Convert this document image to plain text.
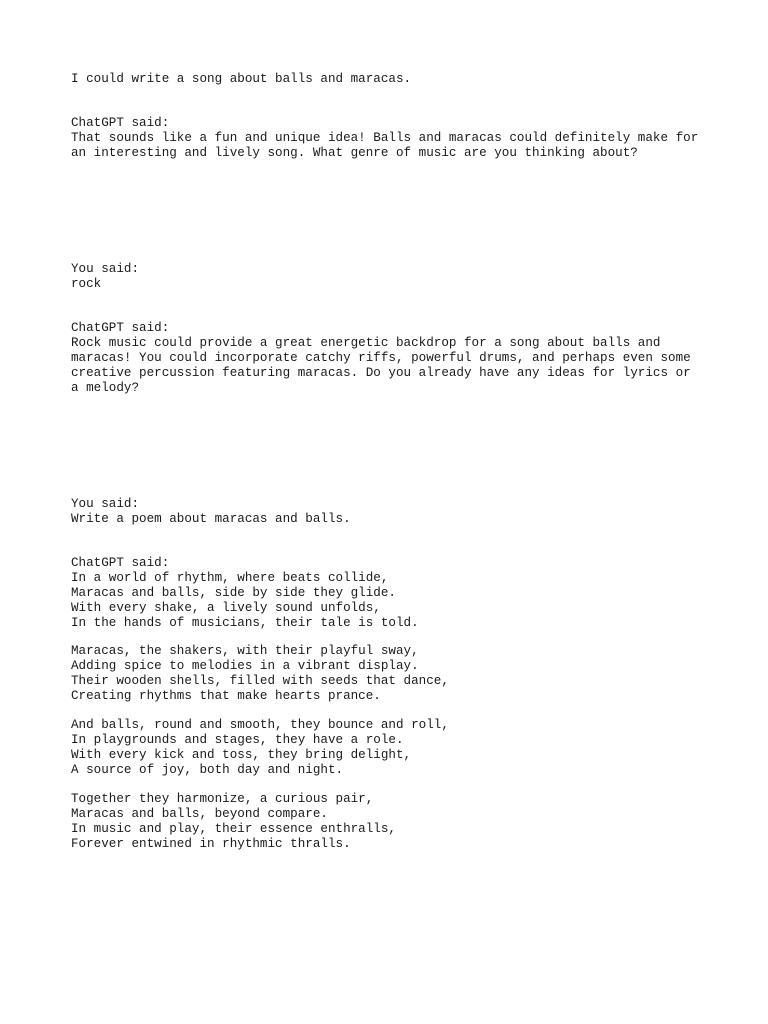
I could write a song about balls and maracas.

ChatGPT said:

That sounds like a fun and unique idea! Balls and maracas could definitely make for

an interesting and lively song. What genre of music are you thinking about?

You said:

rock

ChatGPT said:

Rock music could provide a great energetic backdrop for a song about balls and

maracas! You could incorporate catchy riffs, powerful drums, and perhaps even some

creative percussion featuring maracas. Do you already have any ideas for lyrics or

a melody?

You said:

Write a poem about maracas and balls.

ChatGPT said:

In a world of rhythm, where beats collide,

Maracas and balls, side by side they glide.

With every shake, a lively sound unfolds,

In the hands of musicians, their tale is told.

Maracas, the shakers, with their playful sway,

Adding spice to melodies in a vibrant display.

Their wooden shells, filled with seeds that dance,

Creating rhythms that make hearts prance.

And balls, round and smooth, they bounce and roll,

In playgrounds and stages, they have a role.

With every kick and toss, they bring delight,

A source of joy, both day and night.

Together they harmonize, a curious pair,

Maracas and balls, beyond compare.

In music and play, their essence enthralls,

Forever entwined in rhythmic thralls.
